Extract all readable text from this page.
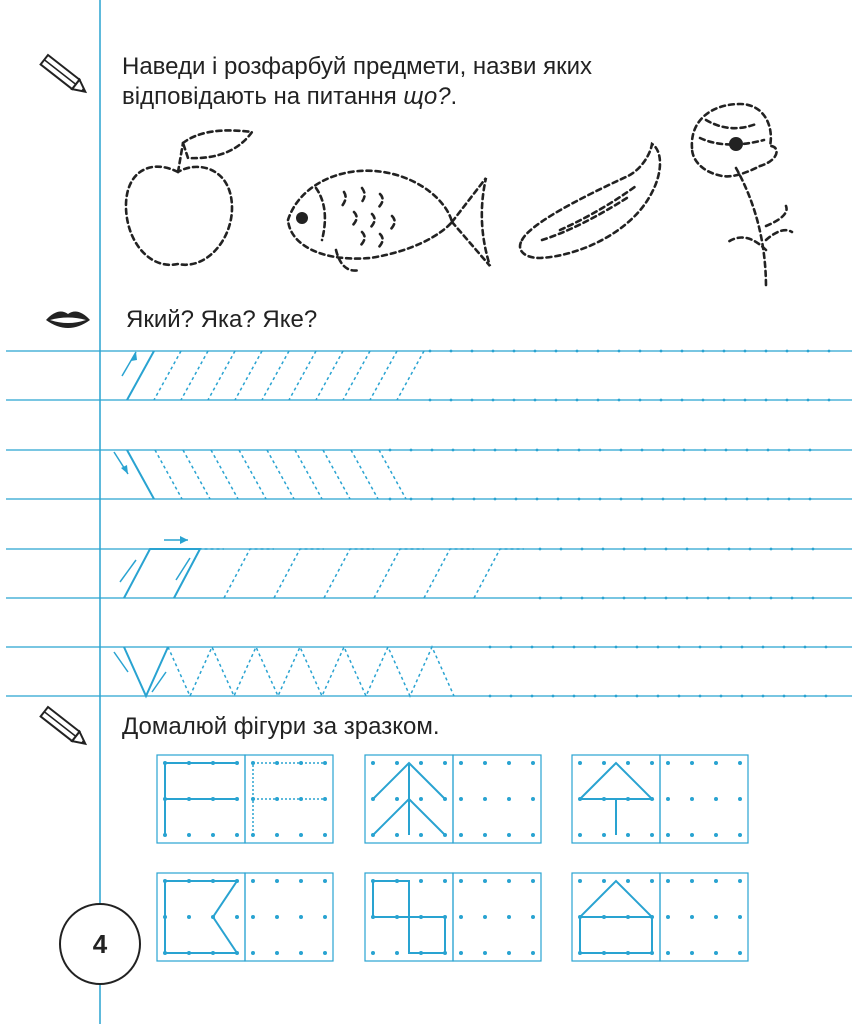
Наведи і розфарбуй предмети, назви яких
відповідають на питання що?.
Який? Яка? Яке?
Домалюй фігури за зразком.
4
